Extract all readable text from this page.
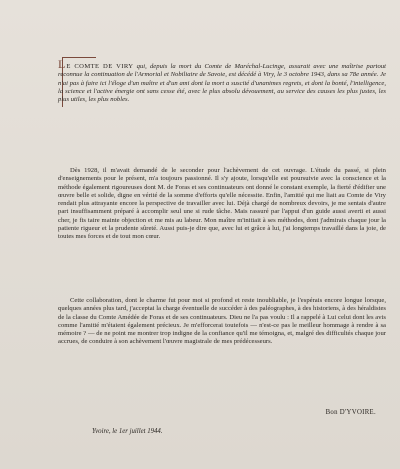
LE COMTE DE VIRY qui, depuis la mort du Comte de Maréchal-Lucinge, assurait avec une maîtrise partout reconnue la continuation de l'Armorial et Nobiliaire de Savoie, est décédé à Viry, le 3 octobre 1943, dans sa 78e année. Je n'ai pas à faire ici l'éloge d'un maître et d'un ami dont la mort a suscité d'unanimes regrets, et dont la bonté, l'intelligence, la science et l'active énergie ont sans cesse été, avec le plus absolu dévouement, au service des causes les plus justes, les plus utiles, les plus nobles.

Dès 1928, il m'avait demandé de le seconder pour l'achèvement de cet ouvrage. L'étude du passé, si plein d'enseignements pour le présent, m'a toujours passionné. Il s'y ajoute, lorsqu'elle est poursuivie avec la conscience et la méthode également rigoureuses dont M. de Foras et ses continuateurs ont donné le constant exemple, la fierté d'édifier une œuvre belle et solide, digne en vérité de la somme d'efforts qu'elle nécessite. Enfin, l'amitié qui me liait au Comte de Viry rendait plus attrayante encore la perspective de travailler avec lui. Déjà chargé de nombreux devoirs, je me sentais d'autre part insuffisamment préparé à accomplir seul une si rude tâche. Mais rassuré par l'appui d'un guide aussi averti et aussi cher, je fis taire mainte objection et me mis au labeur. Mon maître m'initiait à ses méthodes, dont j'admirais chaque jour la patiente rigueur et la prudente sûreté. Aussi puis-je dire que, avec lui et grâce à lui, j'ai longtemps travaillé dans la joie, de toutes mes forces et de tout mon cœur.

Cette collaboration, dont le charme fut pour moi si profond et reste inoubliable, je l'espérais encore longue lorsque, quelques années plus tard, j'acceptai la charge éventuelle de succéder à des paléographes, à des historiens, à des héraldistes de la classe du Comte Amédée de Foras et de ses continuateurs. Dieu ne l'a pas voulu : Il a rappelé à Lui celui dont les avis comme l'amitié m'étaient également précieux. Je m'efforcerai toutefois — n'est-ce pas le meilleur hommage à rendre à sa mémoire ? — de ne point me montrer trop indigne de la confiance qu'il me témoigna, et, malgré des difficultés chaque jour accrues, de conduire à son achèvement l'œuvre magistrale de mes prédécesseurs.

Bon D'YVOIRE.
Yvoire, le 1er juillet 1944.
